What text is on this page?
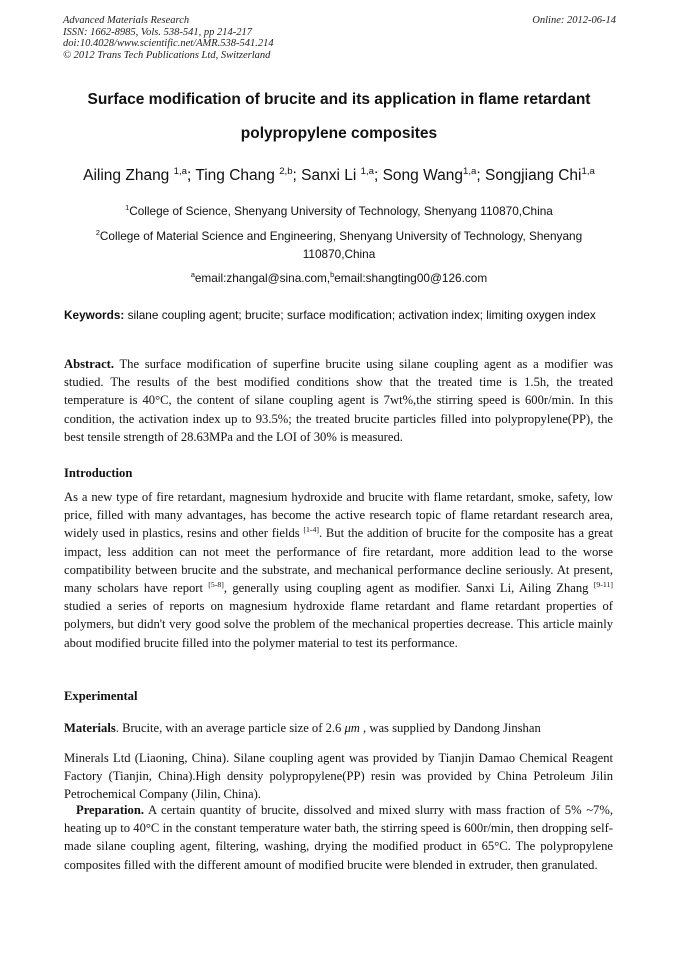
Advanced Materials Research
ISSN: 1662-8985, Vols. 538-541, pp 214-217
doi:10.4028/www.scientific.net/AMR.538-541.214
© 2012 Trans Tech Publications Ltd, Switzerland
Online: 2012-06-14
Surface modification of brucite and its application in flame retardant
polypropylene composites
Ailing Zhang $^{1,a}$; Ting Chang $^{2,b}$; Sanxi Li $^{1,a}$; Song Wang$^{1,a}$; Songjiang Chi$^{1,a}$
$^1$College of Science, Shenyang University of Technology, Shenyang 110870,China
$^2$College of Material Science and Engineering, Shenyang University of Technology, Shenyang 110870,China
$^a$email:zhangal@sina.com,$^b$email:shangting00@126.com
Keywords: silane coupling agent; brucite; surface modification; activation index; limiting oxygen index
Abstract. The surface modification of superfine brucite using silane coupling agent as a modifier was studied. The results of the best modified conditions show that the treated time is 1.5h, the treated temperature is 40°C, the content of silane coupling agent is 7wt%,the stirring speed is 600r/min. In this condition, the activation index up to 93.5%; the treated brucite particles filled into polypropylene(PP), the best tensile strength of 28.63MPa and the LOI of 30% is measured.
Introduction
As a new type of fire retardant, magnesium hydroxide and brucite with flame retardant, smoke, safety, low price, filled with many advantages, has become the active research topic of flame retardant research area, widely used in plastics, resins and other fields [1-4]. But the addition of brucite for the composite has a great impact, less addition can not meet the performance of fire retardant, more addition lead to the worse compatibility between brucite and the substrate, and mechanical performance decline seriously. At present, many scholars have report [5-8], generally using coupling agent as modifier. Sanxi Li, Ailing Zhang [9-11] studied a series of reports on magnesium hydroxide flame retardant and flame retardant properties of polymers, but didn't very good solve the problem of the mechanical properties decrease. This article mainly about modified brucite filled into the polymer material to test its performance.
Experimental
Materials. Brucite, with an average particle size of 2.6 μm , was supplied by Dandong Jinshan
Minerals Ltd (Liaoning, China). Silane coupling agent was provided by Tianjin Damao Chemical Reagent Factory (Tianjin, China).High density polypropylene(PP) resin was provided by China Petroleum Jilin Petrochemical Company (Jilin, China).
Preparation. A certain quantity of brucite, dissolved and mixed slurry with mass fraction of 5% ~7%, heating up to 40°C in the constant temperature water bath, the stirring speed is 600r/min, then dropping self-made silane coupling agent, filtering, washing, drying the modified product in 65°C. The polypropylene composites filled with the different amount of modified brucite were blended in extruder, then granulated.
